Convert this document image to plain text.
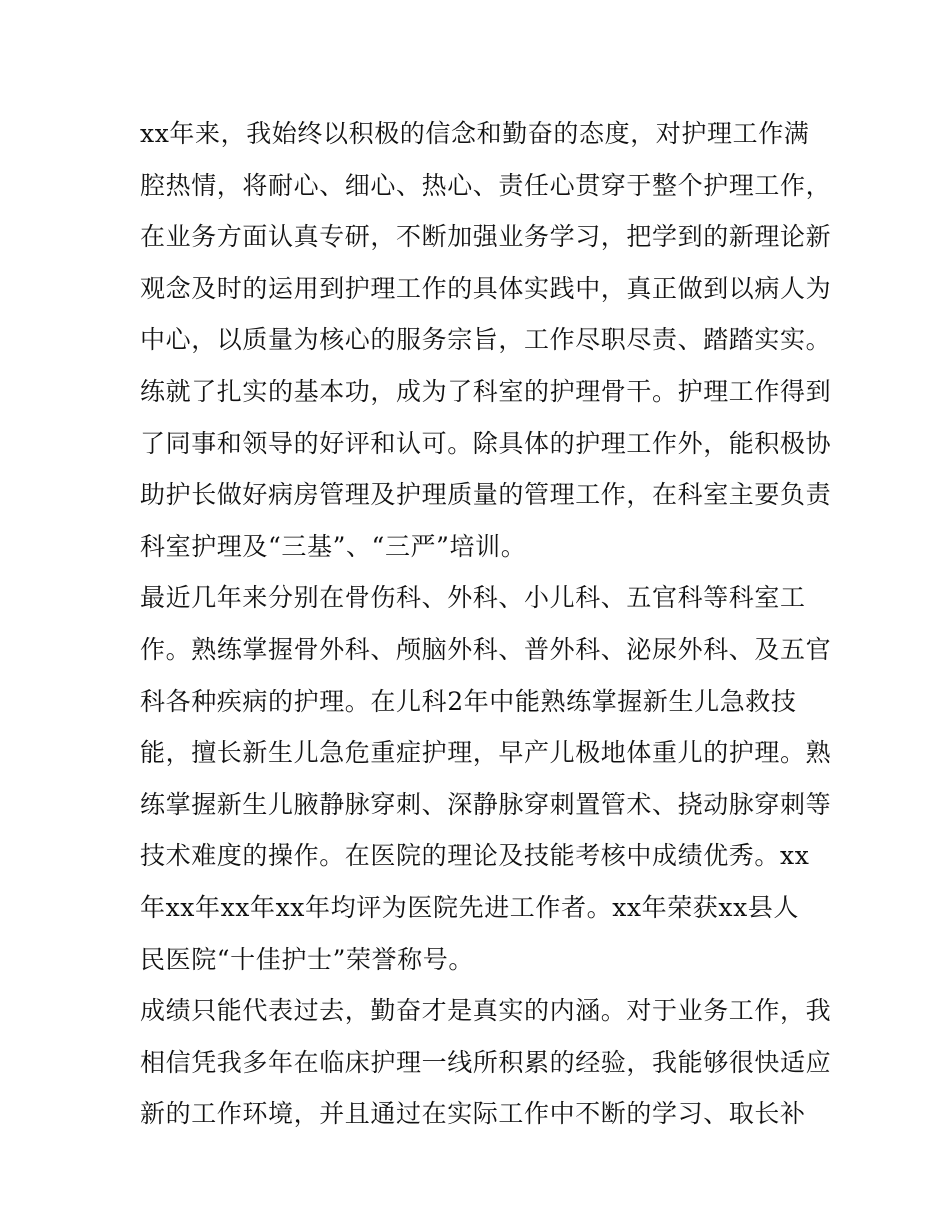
xx年来，我始终以积极的信念和勤奋的态度，对护理工作满
腔热情，将耐心、细心、热心、责任心贯穿于整个护理工作，
在业务方面认真专研，不断加强业务学习，把学到的新理论新
观念及时的运用到护理工作的具体实践中，真正做到以病人为
中心，以质量为核心的服务宗旨，工作尽职尽责、踏踏实实。
练就了扎实的基本功，成为了科室的护理骨干。护理工作得到
了同事和领导的好评和认可。除具体的护理工作外，能积极协
助护长做好病房管理及护理质量的管理工作，在科室主要负责
科室护理及“三基”、“三严”培训。
最近几年来分别在骨伤科、外科、小儿科、五官科等科室工
作。熟练掌握骨外科、颅脑外科、普外科、泌尿外科、及五官
科各种疾病的护理。在儿科2年中能熟练掌握新生儿急救技
能，擅长新生儿急危重症护理，早产儿极地体重儿的护理。熟
练掌握新生儿腋静脉穿刺、深静脉穿刺置管术、挠动脉穿刺等
技术难度的操作。在医院的理论及技能考核中成绩优秀。xx
年xx年xx年xx年均评为医院先进工作者。xx年荣获xx县人
民医院“十佳护士”荣誉称号。
成绩只能代表过去，勤奋才是真实的内涵。对于业务工作，我
相信凭我多年在临床护理一线所积累的经验，我能够很快适应
新的工作环境，并且通过在实际工作中不断的学习、取长补
